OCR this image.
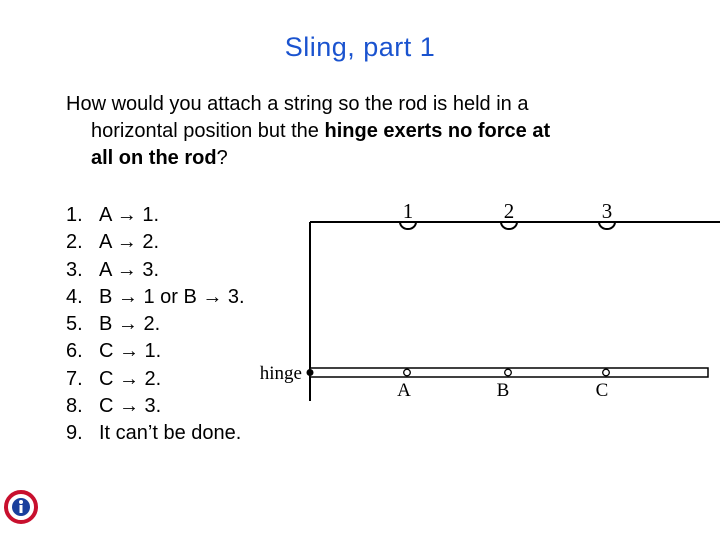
Sling, part 1
How would you attach a string so the rod is held in a
horizontal position but the hinge exerts no force at
all on the rod?
1. A → 1.
2. A → 2.
3. A → 3.
4. B → 1 or B → 3.
5. B → 2.
6. C → 1.
7. C → 2.
8. C → 3.
9. It can’t be done.
1	2	3
hinge
A	B	C
